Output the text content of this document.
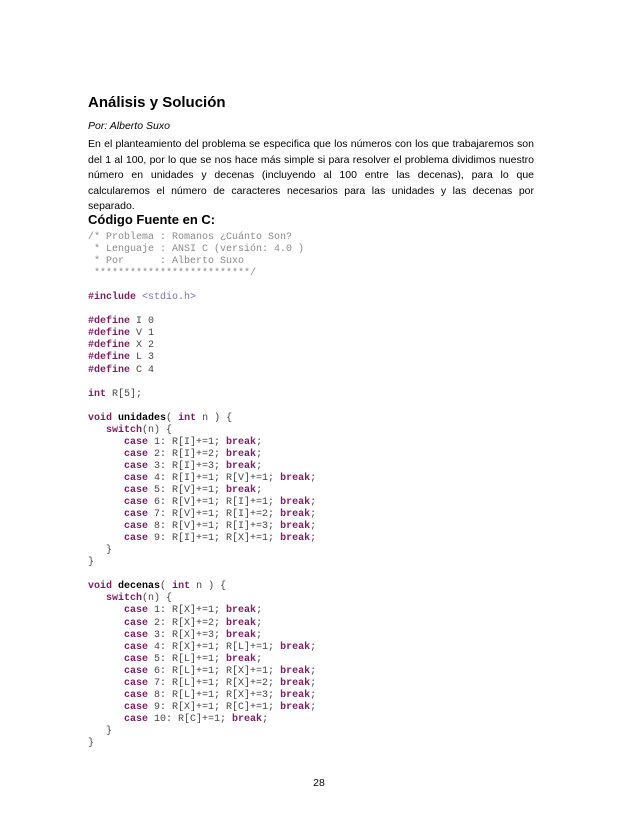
Análisis y Solución

Por: Alberto Suxo

En el planteamiento del problema se especifica que los números con los que trabajaremos son del 1 al 100, por lo que se nos hace más simple si para resolver el problema dividimos nuestro número en unidades y decenas (incluyendo al 100 entre las decenas), para lo que calcularemos el número de caracteres necesarios para las unidades y las decenas por separado.

Código Fuente en C:
/* Problema : Romanos ¿Cuánto Son?
* Lenguaje : ANSI C (versión: 4.0 )
* Por      : Alberto Suxo
**************************/

#include <stdio.h>

#define I 0
#define V 1
#define X 2
#define L 3
#define C 4

int R[5];

void unidades( int n ) {
switch(n) {
case 1: R[I]+=1; break;
case 2: R[I]+=2; break;
case 3: R[I]+=3; break;
case 4: R[I]+=1; R[V]+=1; break;
case 5: R[V]+=1; break;
case 6: R[V]+=1; R[I]+=1; break;
case 7: R[V]+=1; R[I]+=2; break;
case 8: R[V]+=1; R[I]+=3; break;
case 9: R[I]+=1; R[X]+=1; break;
}
}

void decenas( int n ) {
switch(n) {
case 1: R[X]+=1; break;
case 2: R[X]+=2; break;
case 3: R[X]+=3; break;
case 4: R[X]+=1; R[L]+=1; break;
case 5: R[L]+=1; break;
case 6: R[L]+=1; R[X]+=1; break;
case 7: R[L]+=1; R[X]+=2; break;
case 8: R[L]+=1; R[X]+=3; break;
case 9: R[X]+=1; R[C]+=1; break;
case 10: R[C]+=1; break;
}
}

28
